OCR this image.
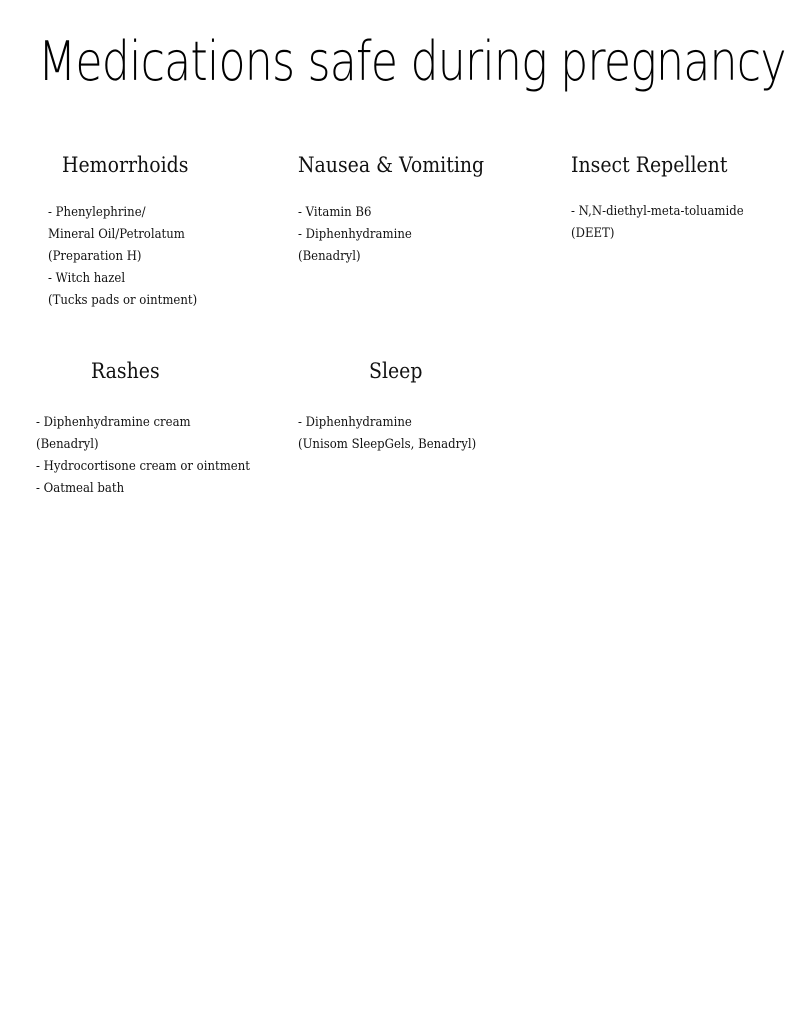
Medications safe during pregnancy
Hemorrhoids
- Phenylephrine/
Mineral Oil/Petrolatum
(Preparation H)
- Witch hazel
(Tucks pads or ointment)
Nausea & Vomiting
- Vitamin B6
- Diphenhydramine
(Benadryl)
Insect Repellent
- N,N-diethyl-meta-toluamide
(DEET)
Rashes
- Diphenhydramine cream
(Benadryl)
- Hydrocortisone cream or ointment
- Oatmeal bath
Sleep
- Diphenhydramine
(Unisom SleepGels, Benadryl)
